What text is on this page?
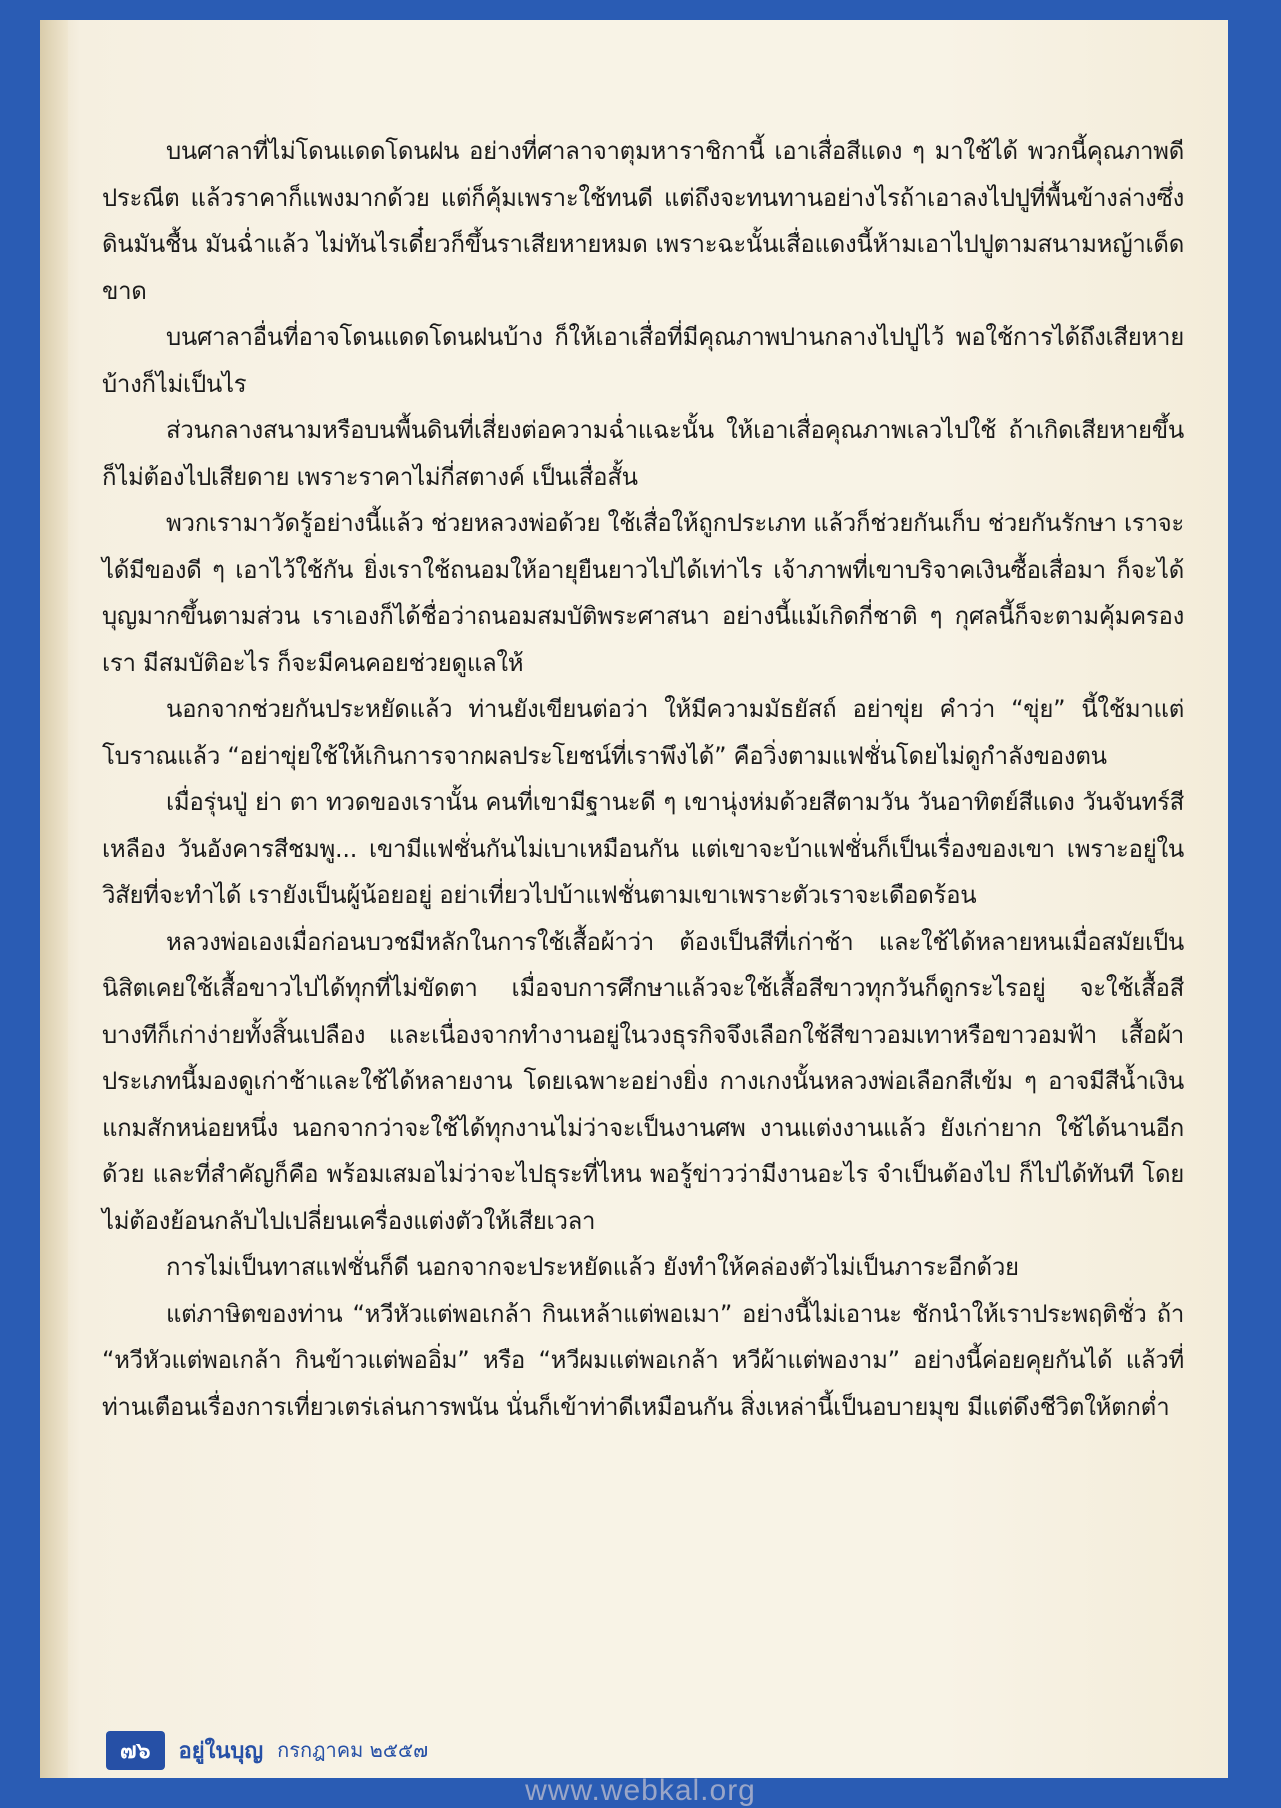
บนศาลาที่ไม่โดนแดดโดนฝน อย่างที่ศาลาจาตุมหาราชิกานี้ เอาเสื่อสีแดง ๆ มาใช้ได้ พวกนี้คุณภาพดี ประณีต แล้วราคาก็แพงมากด้วย แต่ก็คุ้มเพราะใช้ทนดี แต่ถึงจะทนทานอย่างไรถ้าเอาลงไปปูที่พื้นข้างล่างซึ่งดินมันชื้น มันฉ่ำแล้ว ไม่ทันไรเดี๋ยวก็ขึ้นราเสียหายหมด เพราะฉะนั้นเสื่อแดงนี้ห้ามเอาไปปูตามสนามหญ้าเด็ดขาด

บนศาลาอื่นที่อาจโดนแดดโดนฝนบ้าง ก็ให้เอาเสื่อที่มีคุณภาพปานกลางไปปูไว้ พอใช้การได้ถึงเสียหายบ้างก็ไม่เป็นไร

ส่วนกลางสนามหรือบนพื้นดินที่เสี่ยงต่อความฉ่ำแฉะนั้น ให้เอาเสื่อคุณภาพเลวไปใช้ ถ้าเกิดเสียหายขึ้นก็ไม่ต้องไปเสียดาย เพราะราคาไม่กี่สตางค์ เป็นเสื่อสั้น

พวกเรามาวัดรู้อย่างนี้แล้ว ช่วยหลวงพ่อด้วย ใช้เสื่อให้ถูกประเภท แล้วก็ช่วยกันเก็บ ช่วยกันรักษา เราจะได้มีของดี ๆ เอาไว้ใช้กัน ยิ่งเราใช้ถนอมให้อายุยืนยาวไปได้เท่าไร เจ้าภาพที่เขาบริจาคเงินซื้อเสื่อมา ก็จะได้บุญมากขึ้นตามส่วน เราเองก็ได้ชื่อว่าถนอมสมบัติพระศาสนา อย่างนี้แม้เกิดกี่ชาติ ๆ กุศลนี้ก็จะตามคุ้มครองเรา มีสมบัติอะไร ก็จะมีคนคอยช่วยดูแลให้

นอกจากช่วยกันประหยัดแล้ว ท่านยังเขียนต่อว่า ให้มีความมัธยัสถ์ อย่าขุ่ย คำว่า “ขุ่ย” นี้ใช้มาแต่โบราณแล้ว “อย่าขุ่ยใช้ให้เกินการจากผลประโยชน์ที่เราพึงได้” คือวิ่งตามแฟชั่นโดยไม่ดูกำลังของตน

เมื่อรุ่นปู่ ย่า ตา ทวดของเรานั้น คนที่เขามีฐานะดี ๆ เขานุ่งห่มด้วยสีตามวัน วันอาทิตย์สีแดง วันจันทร์สีเหลือง วันอังคารสีชมพู... เขามีแฟชั่นกันไม่เบาเหมือนกัน แต่เขาจะบ้าแฟชั่นก็เป็นเรื่องของเขา เพราะอยู่ในวิสัยที่จะทำได้ เรายังเป็นผู้น้อยอยู่ อย่าเที่ยวไปบ้าแฟชั่นตามเขาเพราะตัวเราจะเดือดร้อน

หลวงพ่อเองเมื่อก่อนบวชมีหลักในการใช้เสื้อผ้าว่า ต้องเป็นสีที่เก่าช้า และใช้ได้หลายหนเมื่อสมัยเป็นนิสิตเคยใช้เสื้อขาวไปได้ทุกที่ไม่ขัดตา เมื่อจบการศึกษาแล้วจะใช้เสื้อสีขาวทุกวันก็ดูกระไรอยู่ จะใช้เสื้อสีบางทีก็เก่าง่ายทั้งสิ้นเปลือง และเนื่องจากทำงานอยู่ในวงธุรกิจจึงเลือกใช้สีขาวอมเทาหรือขาวอมฟ้า เสื้อผ้าประเภทนี้มองดูเก่าช้าและใช้ได้หลายงาน โดยเฉพาะอย่างยิ่ง กางเกงนั้นหลวงพ่อเลือกสีเข้ม ๆ อาจมีสีน้ำเงินแกมสักหน่อยหนึ่ง นอกจากว่าจะใช้ได้ทุกงานไม่ว่าจะเป็นงานศพ งานแต่งงานแล้ว ยังเก่ายาก ใช้ได้นานอีกด้วย และที่สำคัญก็คือ พร้อมเสมอไม่ว่าจะไปธุระที่ไหน พอรู้ข่าวว่ามีงานอะไร จำเป็นต้องไป ก็ไปได้ทันที โดยไม่ต้องย้อนกลับไปเปลี่ยนเครื่องแต่งตัวให้เสียเวลา

การไม่เป็นทาสแฟชั่นก็ดี นอกจากจะประหยัดแล้ว ยังทำให้คล่องตัวไม่เป็นภาระอีกด้วย

แต่ภาษิตของท่าน “หวีหัวแต่พอเกล้า กินเหล้าแต่พอเมา” อย่างนี้ไม่เอานะ ชักนำให้เราประพฤติชั่ว ถ้า “หวีหัวแต่พอเกล้า กินข้าวแต่พออิ่ม” หรือ “หวีผมแต่พอเกล้า หวีผ้าแต่พองาม” อย่างนี้ค่อยคุยกันได้ แล้วที่ท่านเตือนเรื่องการเที่ยวเตร่เล่นการพนัน นั่นก็เข้าท่าดีเหมือนกัน สิ่งเหล่านี้เป็นอบายมุข มีแต่ดึงชีวิตให้ตกต่ำ

๗๖	อยู่ในบุญ กรกฎาคม ๒๕๕๗
www.webkal.org
